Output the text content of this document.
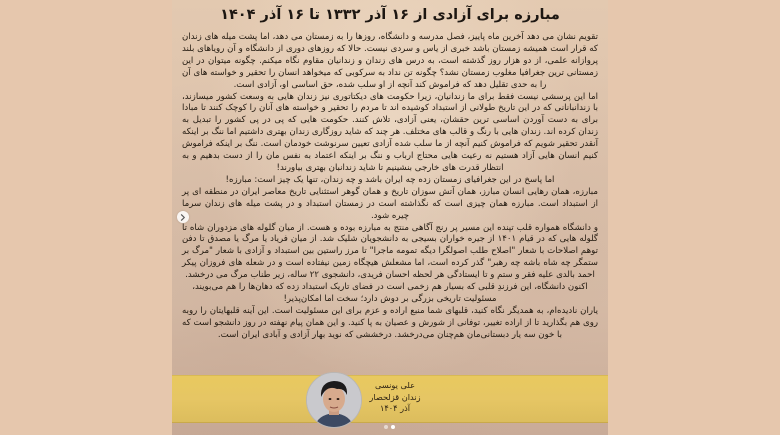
مبارزه برای آزادی از ۱۶ آذر ۱۳۳۲ تا ۱۶ آذر ۱۴۰۴

تقویم نشان می دهد آخرین ماه پاییز، فصل مدرسه و دانشگاه، روزها را به زمستان می دهد، اما پشت میله های زندان که قرار است همیشه زمستان باشد خبری از یاس و سردی نیست. حالا که روزهای دوری از دانشگاه و آن رویاهای بلند پروازانه علمی، از دو هزار روز گذشته است، به درس های زندان و زندانیان مقاوم نگاه میکنم. چگونه میتوان در این زمستانی ترین جغرافیا مغلوب زمستان نشد؟ چگونه تن نداد به سرکوبی که میخواهد انسان را تحقیر و خواسته های آن را به حدی تقلیل دهد که فراموش کند آنچه از او سلب شده، حق اساسی او، آزادی است.

اما این پرسشی نیست فقط برای ما زندانیان، زیرا حکومت های دیکتاتوری نیز زندان هایی به وسعت کشور میسازند، با زندانبانانی که در این تاریخ طولانی از استبداد کوشیده اند تا مردم را تحقیر و خواسته های آنان را کوچک کنند تا مبادا برای به دست آوردن اساسی ترین حقشان، یعنی آزادی، تلاش کنند. حکومت هایی که پی در پی کشور را تبدیل به زندان کرده اند. زندان هایی با رنگ و قالب های مختلف. هر چند که شاید روزگاری زندان بهتری داشتیم اما ننگ بر اینکه آنقدر تحقیر شویم که فراموش کنیم آنچه از ما سلب شده آزادی تعیین سرنوشت خودمان است. ننگ بر اینکه فراموش کنیم انسان هایی آزاد هستیم نه رعیت هایی محتاج ارباب و ننگ بر اینکه اعتماد به نفس مان را از دست بدهیم و به انتظار قدرت های خارجی بنشینیم تا شاید زندانبان بهتری بیاورند!

اما پاسخ در این جغرافیای زمستان زده چه ایران باشد و چه زندان، تنها یک چیز است: مبارزه!

مبارزه، همان رهایی انسان مبارز، همان آتش سوزان تاریخ و همان گوهر استثنایی تاریخ معاصر ایران در منطقه ای پر از استبداد است. مبارزه همان چیزی است که نگذاشته است در زمستان استبداد و در پشت میله های زندان سرما چیره شود.

و دانشگاه همواره قلب تپنده این مسیر پر رنج آگاهی منتج به مبارزه بوده و هست. از میان گلوله های مزدوران شاه تا گلوله هایی که در قیام ۱۴۰۱ از جیره خواران بسیجی به دانشجویان شلیک شد. از میان فریاد یا مرگ یا مصدق تا دفن توهم اصلاحات با شعار "اصلاح طلب اصولگرا دیگه تمومه ماجرا" تا مرز راستین بین استبداد و آزادی با شعار "مرگ بر ستمگر چه شاه باشه چه رهبر" گذر کرده است، اما مشعلش هیچگاه زمین نیفتاده است و در شعله های فروزان پیکر احمد بالدی علیه فقر و ستم و تا ایستادگی هر لحظه احسان فریدی، دانشجوی ۲۲ ساله، زیر طناب مرگ می درخشد.

اکنون دانشگاه، این فرزندِ قلبی که بسیار هم زخمی است در فضای تاریک استبداد زده که دهان‌ها را هم می‌بویند، مسئولیت تاریخی بزرگی بر دوش دارد؛ سخت اما امکان‌پذیر!

یاران نادیده‌ام، به همدیگر نگاه کنید، قلبهای شما منبع اراده و عزم برای این مسئولیت است. این آینه قلبهایتان را روبه روی هم بگذارید تا از اراده تغییر، توفانی از شورش و عصیان به پا کنید. و این همان پیام نهفته در روز دانشجو است که با خون سه یار دبستانی‌مان هم‌چنان می‌درخشد. درخششی که نوید بهار آزادی و آبادی ایران است.

علی یونسی
زندان قزلحصار
آذر ۱۴۰۴
